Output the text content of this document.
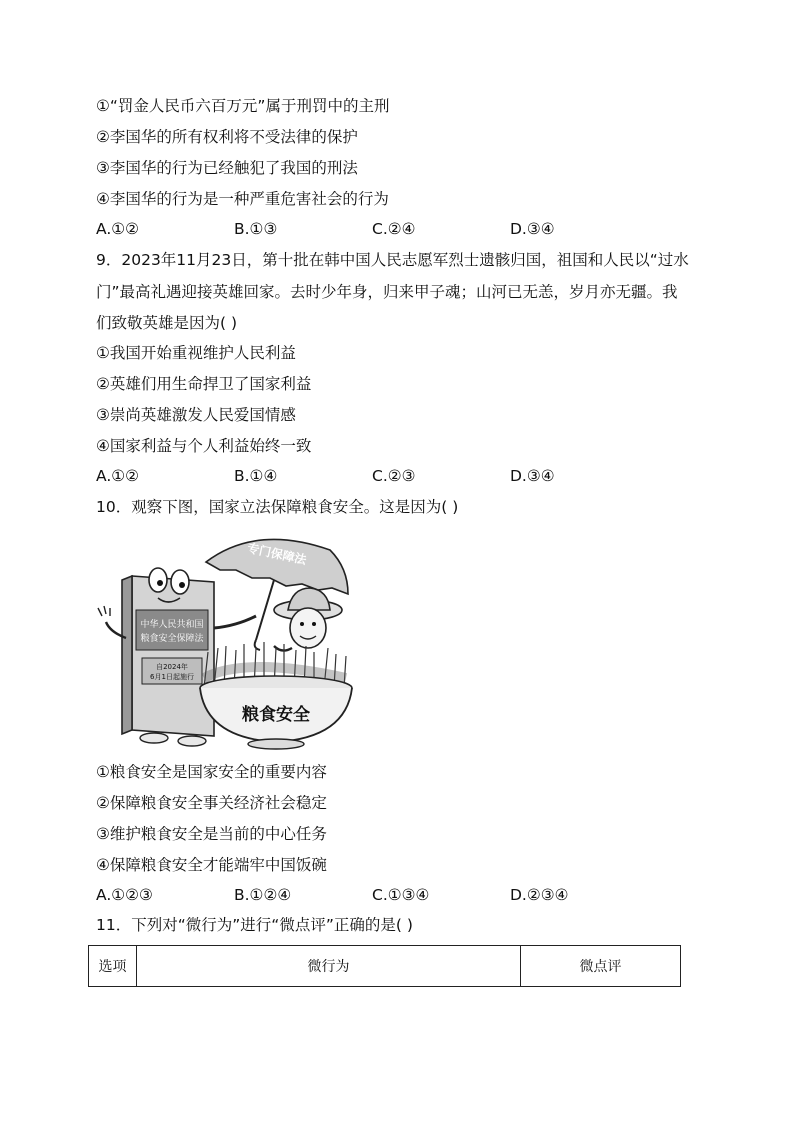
①“罚金人民币六百万元”属于刑罚中的主刑
②李国华的所有权利将不受法律的保护
③李国华的行为已经触犯了我国的刑法
④李国华的行为是一种严重危害社会的行为
A.①②	B.①③	C.②④	D.③④
9．2023年11月23日，第十批在韩中国人民志愿军烈士遗骸归国，祖国和人民以“过水
门”最高礼遇迎接英雄回家。去时少年身，归来甲子魂；山河已无恙，岁月亦无疆。我
们致敬英雄是因为( )
①我国开始重视维护人民利益
②英雄们用生命捍卫了国家利益
③崇尚英雄激发人民爱国情感
④国家利益与个人利益始终一致
A.①②	B.①④	C.②③	D.③④
10．观察下图，国家立法保障粮食安全。这是因为( )
中华人民共和国
粮食安全保障法
自2024年
6月1日起施行
专门保障法
粮食安全
①粮食安全是国家安全的重要内容
②保障粮食安全事关经济社会稳定
③维护粮食安全是当前的中心任务
④保障粮食安全才能端牢中国饭碗
A.①②③	B.①②④	C.①③④	D.②③④
11．下列对“微行为”进行“微点评”正确的是( )
选项	微行为	微点评
